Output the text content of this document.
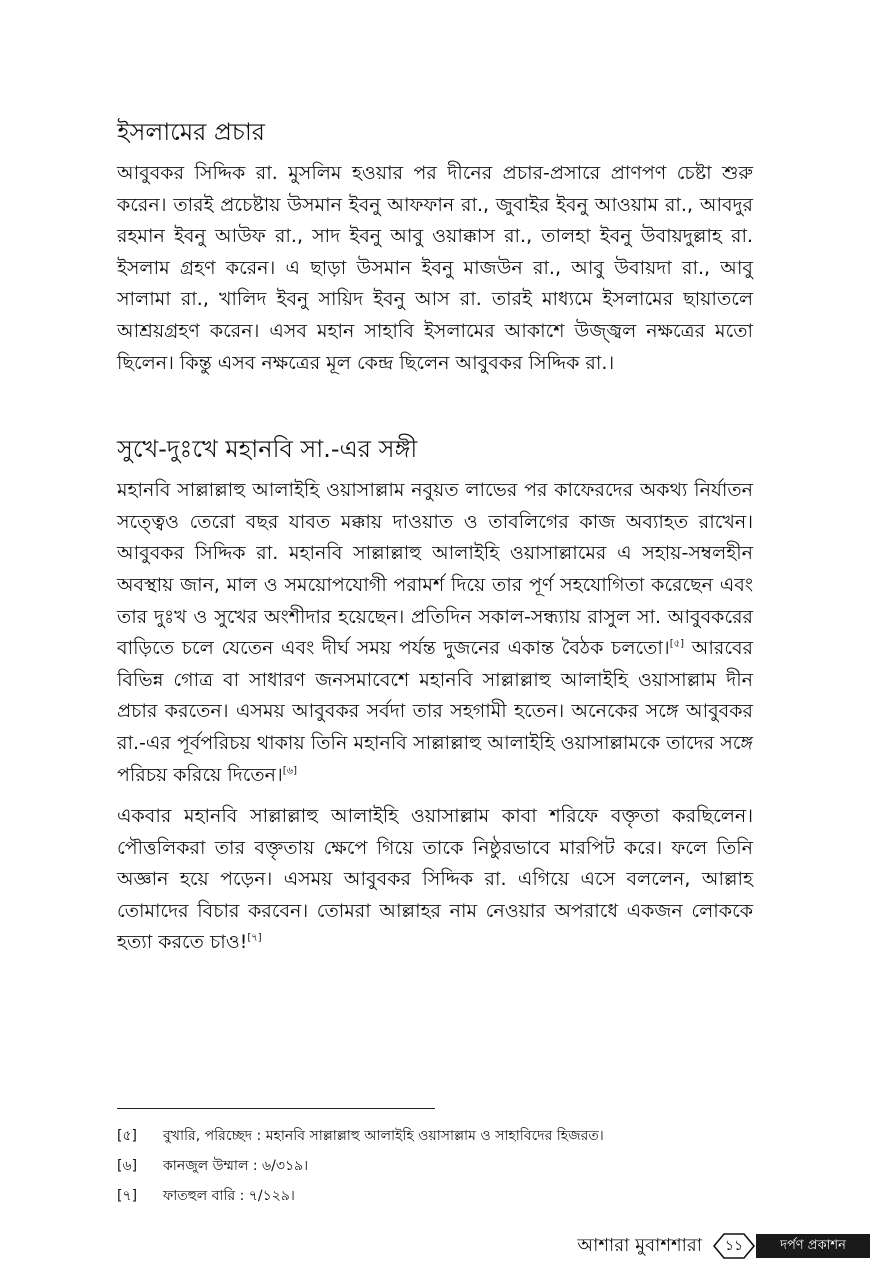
ইসলামের প্রচার

আবুবকর সিদ্দিক রা. মুসলিম হওয়ার পর দীনের প্রচার-প্রসারে প্রাণপণ চেষ্টা শুরু করেন। তারই প্রচেষ্টায় উসমান ইবনু আফফান রা., জুবাইর ইবনু আওয়াম রা., আবদুর রহমান ইবনু আউফ রা., সাদ ইবনু আবু ওয়াক্কাস রা., তালহা ইবনু উবায়দুল্লাহ রা. ইসলাম গ্রহণ করেন। এ ছাড়া উসমান ইবনু মাজউন রা., আবু উবায়দা রা., আবু সালামা রা., খালিদ ইবনু সায়িদ ইবনু আস রা. তারই মাধ্যমে ইসলামের ছায়াতলে আশ্রয়গ্রহণ করেন। এসব মহান সাহাবি ইসলামের আকাশে উজ্জ্বল নক্ষত্রের মতো ছিলেন। কিন্তু এসব নক্ষত্রের মূল কেন্দ্র ছিলেন আবুবকর সিদ্দিক রা.।

সুখে-দুঃখে মহানবি সা.-এর সঙ্গী

মহানবি সাল্লাল্লাহু আলাইহি ওয়াসাল্লাম নবুয়ত লাভের পর কাফেরদের অকথ্য নির্যাতন সত্ত্বেও তেরো বছর যাবত মক্কায় দাওয়াত ও তাবলিগের কাজ অব্যাহত রাখেন। আবুবকর সিদ্দিক রা. মহানবি সাল্লাল্লাহু আলাইহি ওয়াসাল্লামের এ সহায়-সম্বলহীন অবস্থায় জান, মাল ও সময়োপযোগী পরামর্শ দিয়ে তার পূর্ণ সহযোগিতা করেছেন এবং তার দুঃখ ও সুখের অংশীদার হয়েছেন। প্রতিদিন সকাল-সন্ধ্যায় রাসুল সা. আবুবকরের বাড়িতে চলে যেতেন এবং দীর্ঘ সময় পর্যন্ত দুজনের একান্ত বৈঠক চলতো।[৫] আরবের বিভিন্ন গোত্র বা সাধারণ জনসমাবেশে মহানবি সাল্লাল্লাহু আলাইহি ওয়াসাল্লাম দীন প্রচার করতেন। এসময় আবুবকর সর্বদা তার সহগামী হতেন। অনেকের সঙ্গে আবুবকর রা.-এর পূর্বপরিচয় থাকায় তিনি মহানবি সাল্লাল্লাহু আলাইহি ওয়াসাল্লামকে তাদের সঙ্গে পরিচয় করিয়ে দিতেন।[৬]

একবার মহানবি সাল্লাল্লাহু আলাইহি ওয়াসাল্লাম কাবা শরিফে বক্তৃতা করছিলেন। পৌত্তলিকরা তার বক্তৃতায় ক্ষেপে গিয়ে তাকে নিষ্ঠুরভাবে মারপিট করে। ফলে তিনি অজ্ঞান হয়ে পড়েন। এসময় আবুবকর সিদ্দিক রা. এগিয়ে এসে বললেন, আল্লাহ তোমাদের বিচার করবেন। তোমরা আল্লাহর নাম নেওয়ার অপরাধে একজন লোককে হত্যা করতে চাও![৭]

[৫] বুখারি, পরিচ্ছেদ : মহানবি সাল্লাল্লাহু আলাইহি ওয়াসাল্লাম ও সাহাবিদের হিজরত।
[৬] কানজুল উম্মাল : ৬/৩১৯।
[৭] ফাতহুল বারি : ৭/১২৯।
আশারা মুবাশশারা ১১	দর্পণ প্রকাশন
